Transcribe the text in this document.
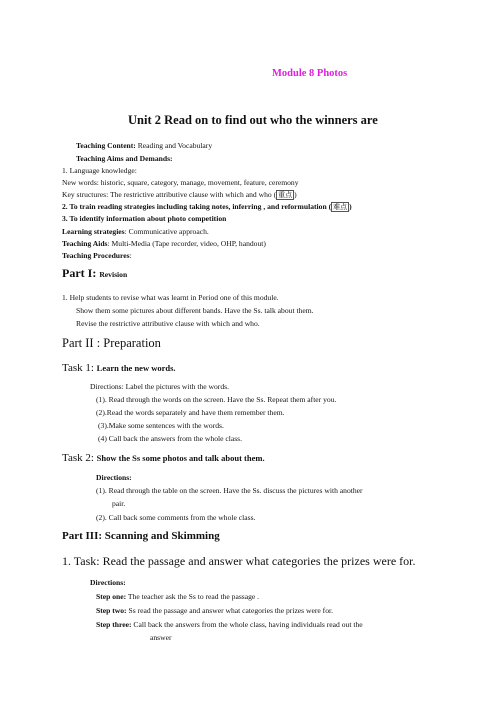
Module 8 Photos
Unit 2 Read on to find out who the winners are
Teaching Content: Reading and Vocabulary
Teaching Aims and Demands:
1. Language knowledge:
New words: historic, square, category, manage, movement, feature, ceremony
Key structures: The restrictive attributive clause with which and who ( 重点 )
2. To train reading strategies including taking notes, inferring , and reformulation ( 难点 )
3. To identify information about photo competition
Learning strategies: Communicative approach.
Teaching Aids: Multi-Media (Tape recorder, video, OHP, handout)
Teaching Procedures:
Part I: Revision
1. Help students to revise what was learnt in Period one of this module.
Show them some pictures about different bands. Have the Ss. talk about them.
Revise the restrictive attributive clause with which and who.
Part II : Preparation
Task 1: Learn the new words.
Directions: Label the pictures with the words.
(1). Read through the words on the screen. Have the Ss. Repeat them after you.
(2).Read the words separately and have them remember them.
(3).Make some sentences with the words.
(4) Call back the answers from the whole class.
Task 2: Show the Ss some photos and talk about them.
Directions:
(1). Read through the table on the screen. Have the Ss. discuss the pictures with another
pair.
(2). Call back some comments from the whole class.
Part III: Scanning and Skimming
1. Task: Read the passage and answer what categories the prizes were for.
Directions:
Step one: The teacher ask the Ss to read the passage .
Step two: Ss read the passage and answer what categories the prizes were for.
Step three: Call back the answers from the whole class, having individuals read out the
answer
